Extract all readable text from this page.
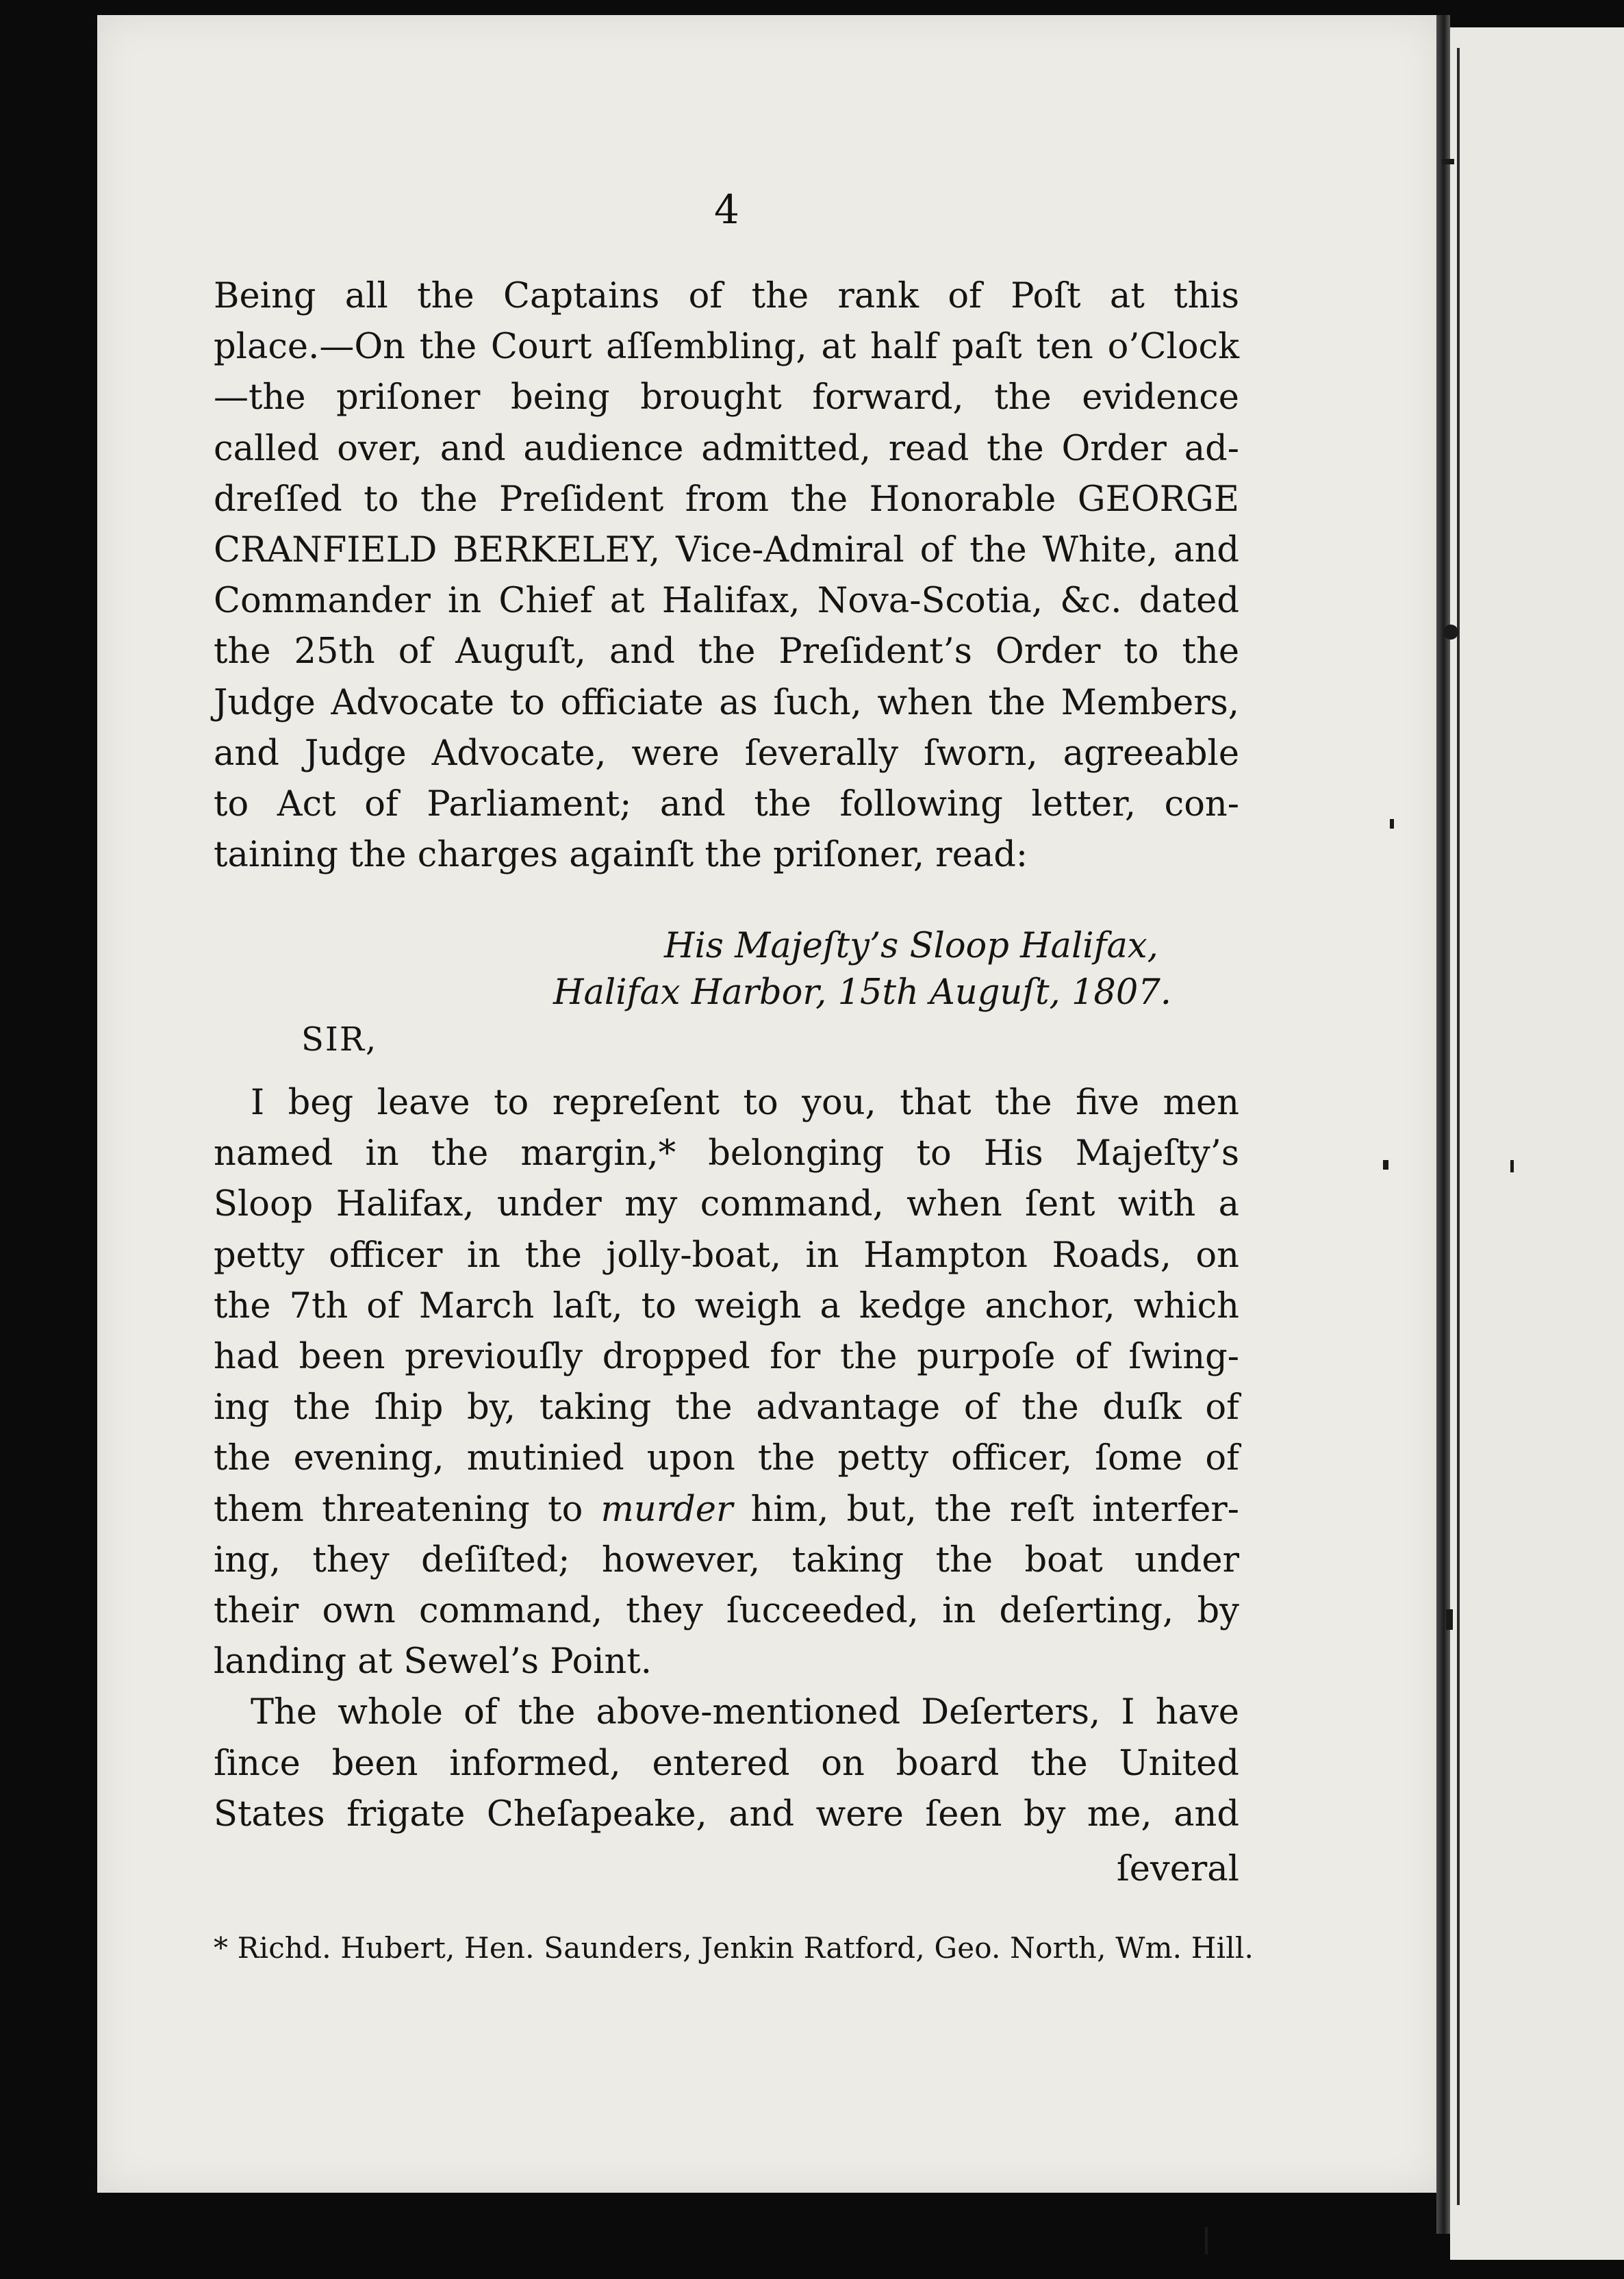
4
Being all the Captains of the rank of Poſt at this
place.—On the Court aſſembling, at half paſt ten o’Clock
—the priſoner being brought forward, the evidence
called over, and audience admitted, read the Order ad-
dreſſed to the Preſident from the Honorable GEORGE
CRANFIELD BERKELEY, Vice-Admiral of the White, and
Commander in Chief at Halifax, Nova-Scotia, &c. dated
the 25th of Auguſt, and the Preſident’s Order to the
Judge Advocate to officiate as ſuch, when the Members,
and Judge Advocate, were ſeverally ſworn, agreeable
to Act of Parliament; and the following letter, con-
taining the charges againſt the priſoner, read:
His Majeſty’s Sloop Halifax,
Halifax Harbor, 15th Auguſt, 1807.
SIR,
I beg leave to repreſent to you, that the five men
named in the margin,* belonging to His Majeſty’s
Sloop Halifax, under my command, when ſent with a
petty officer in the jolly-boat, in Hampton Roads, on
the 7th of March laſt, to weigh a kedge anchor, which
had been previouſly dropped for the purpoſe of ſwing-
ing the ſhip by, taking the advantage of the duſk of
the evening, mutinied upon the petty officer, ſome of
them threatening to murder him, but, the reſt interfer-
ing, they deſiſted; however, taking the boat under
their own command, they ſucceeded, in deſerting, by
landing at Sewel’s Point.
The whole of the above-mentioned Deſerters, I have
ſince been informed, entered on board the United
States frigate Cheſapeake, and were ſeen by me, and
ſeveral
* Richd. Hubert, Hen. Saunders, Jenkin Ratford, Geo. North, Wm. Hill.
